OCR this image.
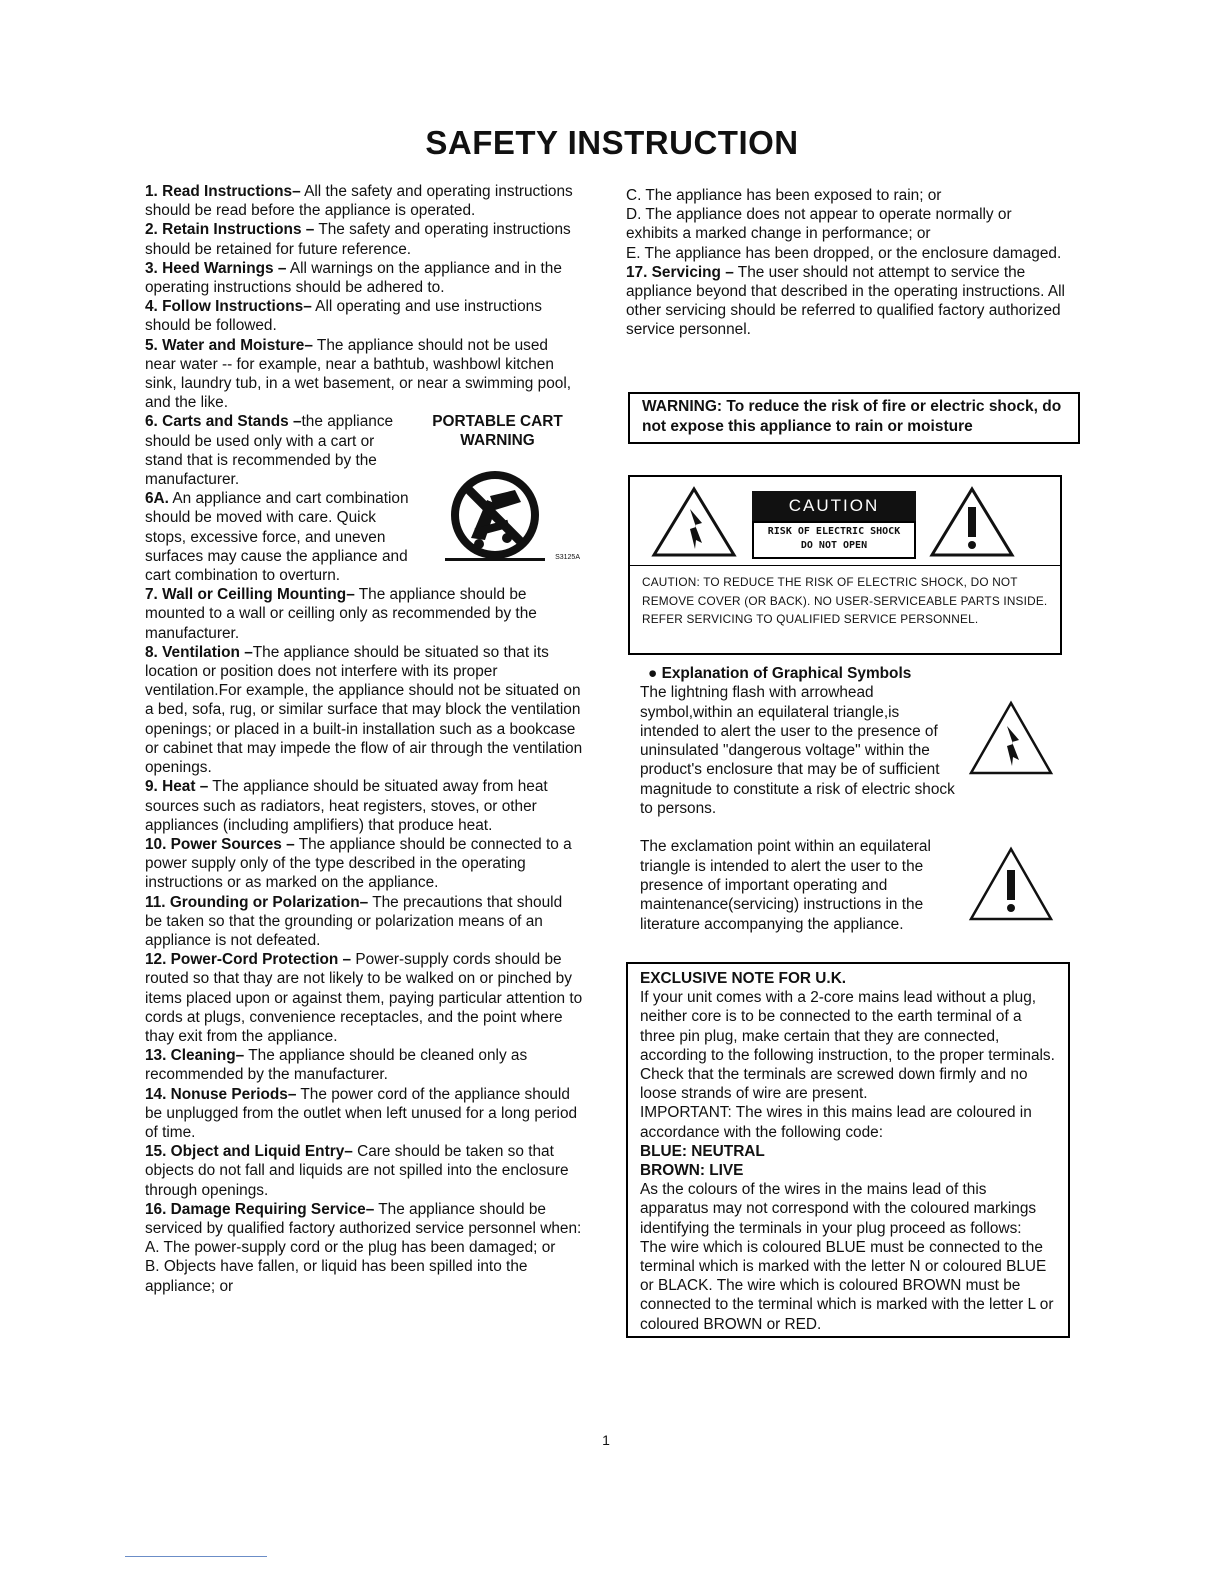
SAFETY INSTRUCTION

1. Read Instructions– All the safety and operating instructions should be read before the appliance is operated.

2. Retain Instructions – The safety and operating instructions should be retained for future reference.

3. Heed Warnings – All warnings on the appliance and in the operating instructions should be adhered to.

4. Follow Instructions– All operating and use instructions should be followed.

5. Water and Moisture– The appliance should not be used near water -- for example, near a bathtub, washbowl kitchen sink, laundry tub, in a wet basement, or near a swimming pool, and the like.

6. Carts and Stands –the appliance should be used only with a cart or stand that is recommended by the manufacturer.

6A. An appliance and cart combination should be moved with care. Quick stops, excessive force, and uneven surfaces may cause the appliance and cart combination to overturn.

PORTABLE CART
WARNING
S3125A

7. Wall or Ceilling Mounting– The appliance should be mounted to a wall or ceilling only as recommended by the manufacturer.

8. Ventilation –The appliance should be situated so that its location or position does not interfere with its proper ventilation.For example, the appliance should not be situated on a bed, sofa, rug, or similar surface that may block the ventilation openings; or placed in a built-in installation such as a bookcase or cabinet that may impede the flow of air through the ventilation openings.

9. Heat – The appliance should be situated away from heat sources such as radiators, heat registers, stoves, or other appliances (including amplifiers) that produce heat.

10. Power Sources – The appliance should be connected to a power supply only of the type described in the operating instructions or as marked on the appliance.

11. Grounding or Polarization– The precautions that should be taken so that the grounding or polarization means of an appliance is not defeated.

12. Power-Cord Protection – Power-supply cords should be routed so that thay are not likely to be walked on or pinched by items placed upon or against them, paying particular attention to cords at plugs, convenience receptacles, and the point where thay exit from the appliance.

13. Cleaning– The appliance should be cleaned only as recommended by the manufacturer.

14. Nonuse Periods– The power cord of the appliance should be unplugged from the outlet when left unused for a long period of time.

15. Object and Liquid Entry– Care should be taken so that objects do not fall and liquids are not spilled into the enclosure through openings.

16. Damage Requiring Service– The appliance should be serviced by qualified factory authorized service personnel when:

A. The power-supply cord or the plug has been damaged; or

B. Objects have fallen, or liquid has been spilled into the appliance; or

C. The appliance has been exposed to rain; or

D. The appliance does not appear to operate normally or exhibits a marked change in performance; or

E. The appliance has been dropped, or the enclosure damaged.

17. Servicing – The user should not attempt to service the appliance beyond that described in the operating instructions. All other servicing should be referred to qualified factory authorized service personnel.

WARNING: To reduce the risk of fire or electric shock, do not expose this appliance to rain or moisture
CAUTION
RISK OF ELECTRIC SHOCK
DO NOT OPEN
CAUTION: TO REDUCE THE RISK OF ELECTRIC SHOCK, DO NOT REMOVE COVER (OR BACK). NO USER-SERVICEABLE PARTS INSIDE. REFER SERVICING TO QUALIFIED SERVICE PERSONNEL.

● Explanation of Graphical Symbols

The lightning flash with arrowhead symbol,within an equilateral triangle,is intended to alert the user to the presence of uninsulated "dangerous voltage" within the product's enclosure that may be of sufficient magnitude to constitute a risk of electric shock to persons.

The exclamation point within an equilateral triangle is intended to alert the user to the presence of important operating and maintenance(servicing) instructions in the literature accompanying the appliance.

EXCLUSIVE NOTE FOR U.K.

If your unit comes with a 2-core mains lead without a plug, neither core is to be connected to the earth terminal of a three pin plug, make certain that they are connected, according to the following instruction, to the proper terminals. Check that the terminals are screwed down firmly and no loose strands of wire are present.

IMPORTANT: The wires in this mains lead are coloured in accordance with the following code:

BLUE: NEUTRAL

BROWN: LIVE

As the colours of the wires in the mains lead of this apparatus may not correspond with the coloured markings identifying the terminals in your plug proceed as follows:

The wire which is coloured BLUE must be connected to the terminal which is marked with the letter N or coloured BLUE or BLACK. The wire which is coloured BROWN must be connected to the terminal which is marked with the letter L or coloured BROWN or RED.

1
